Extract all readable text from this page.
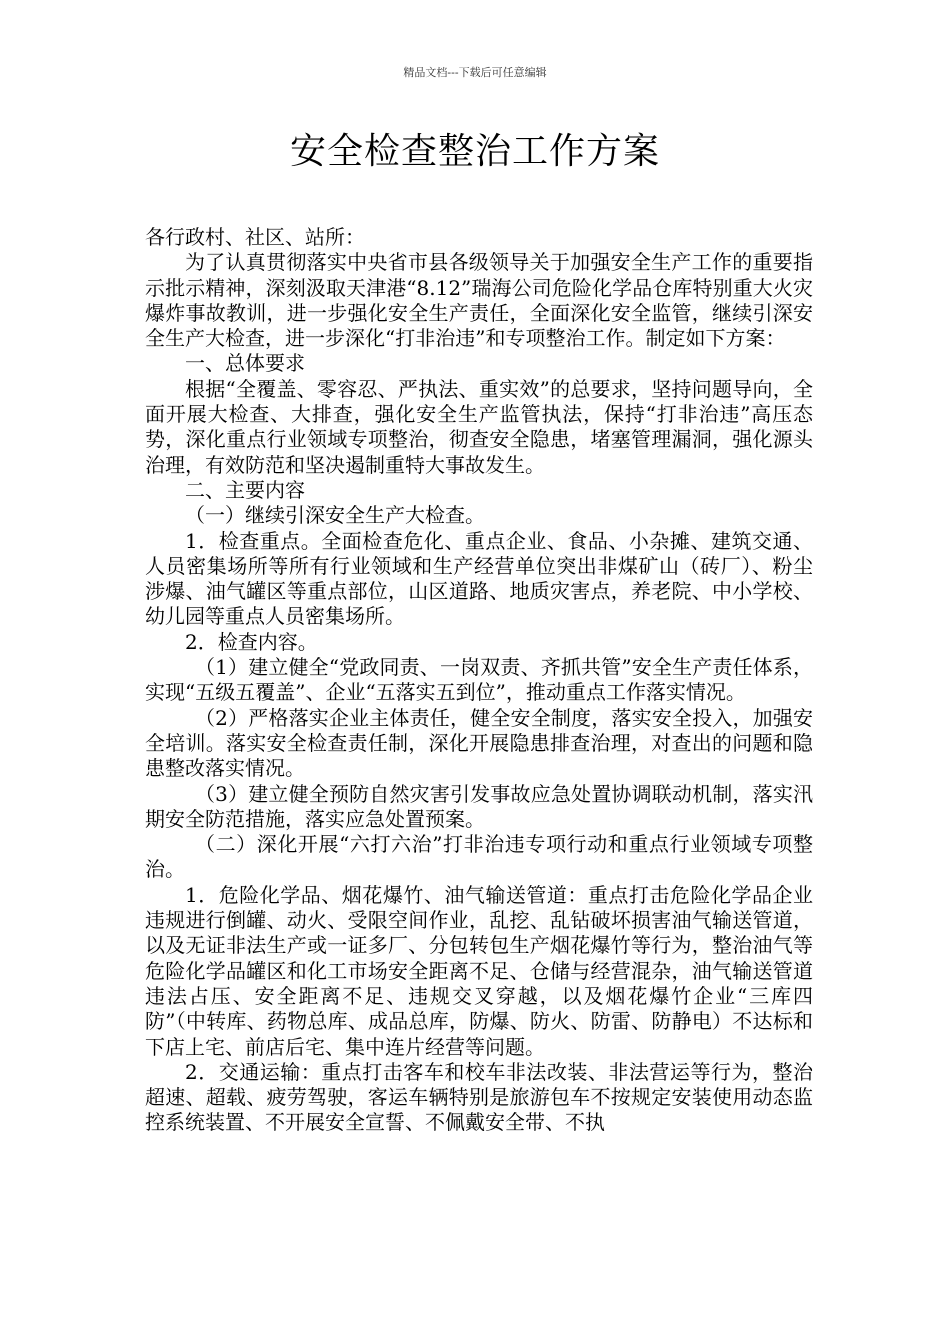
精品文档---下载后可任意编辑
安全检查整治工作方案

各行政村、社区、站所：

为了认真贯彻落实中央省市县各级领导关于加强安全生产工作的重要指示批示精神，深刻汲取天津港“8.12”瑞海公司危险化学品仓库特别重大火灾爆炸事故教训，进一步强化安全生产责任，全面深化安全监管，继续引深安全生产大检查，进一步深化“打非治违”和专项整治工作。制定如下方案：

一、总体要求

根据“全覆盖、零容忍、严执法、重实效”的总要求，坚持问题导向，全面开展大检查、大排查，强化安全生产监管执法，保持“打非治违”高压态势，深化重点行业领域专项整治，彻查安全隐患，堵塞管理漏洞，强化源头治理，有效防范和坚决遏制重特大事故发生。

二、主要内容

（一）继续引深安全生产大检查。

1．检查重点。全面检查危化、重点企业、食品、小杂摊、建筑交通、人员密集场所等所有行业领域和生产经营单位突出非煤矿山（砖厂）、粉尘涉爆、油气罐区等重点部位，山区道路、地质灾害点，养老院、中小学校、幼儿园等重点人员密集场所。

2．检查内容。

（1）建立健全“党政同责、一岗双责、齐抓共管”安全生产责任体系，实现“五级五覆盖”、企业“五落实五到位”，推动重点工作落实情况。

（2）严格落实企业主体责任，健全安全制度，落实安全投入，加强安全培训。落实安全检查责任制，深化开展隐患排查治理，对查出的问题和隐患整改落实情况。

（3）建立健全预防自然灾害引发事故应急处置协调联动机制，落实汛期安全防范措施，落实应急处置预案。

（二）深化开展“六打六治”打非治违专项行动和重点行业领域专项整治。

1．危险化学品、烟花爆竹、油气输送管道：重点打击危险化学品企业违规进行倒罐、动火、受限空间作业，乱挖、乱钻破坏损害油气输送管道，以及无证非法生产或一证多厂、分包转包生产烟花爆竹等行为，整治油气等危险化学品罐区和化工市场安全距离不足、仓储与经营混杂，油气输送管道违法占压、安全距离不足、违规交叉穿越，以及烟花爆竹企业“三库四防”（中转库、药物总库、成品总库，防爆、防火、防雷、防静电）不达标和下店上宅、前店后宅、集中连片经营等问题。

2．交通运输：重点打击客车和校车非法改装、非法营运等行为，整治超速、超载、疲劳驾驶，客运车辆特别是旅游包车不按规定安装使用动态监控系统装置、不开展安全宣誓、不佩戴安全带、不执
